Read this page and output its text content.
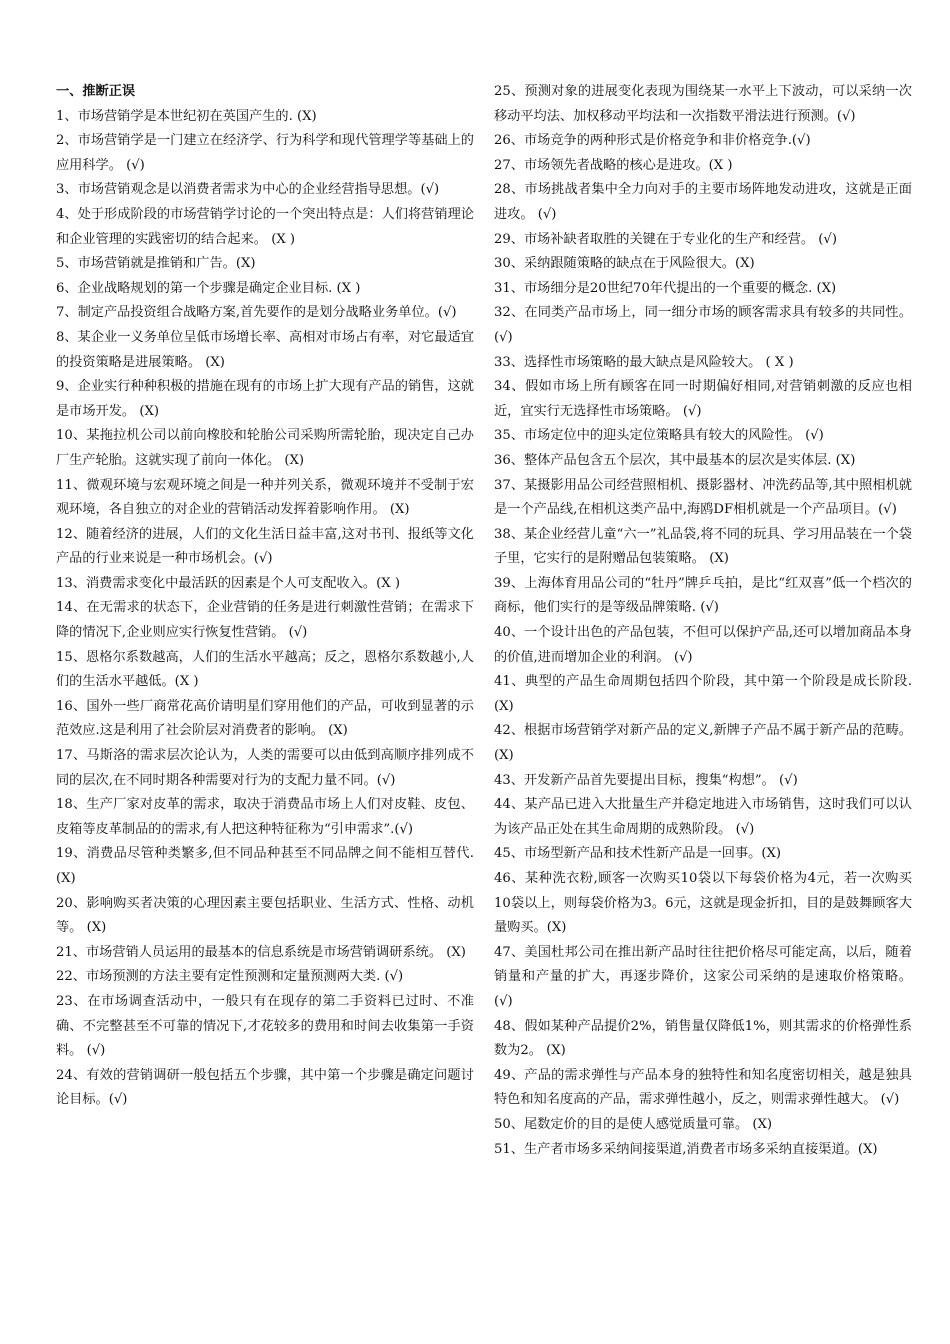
一、推断正误

1、市场营销学是本世纪初在英国产生的. (X)

2、市场营销学是一门建立在经济学、行为科学和现代管理学等基础上的应用科学。 (√)

3、市场营销观念是以消费者需求为中心的企业经营指导思想。(√)

4、处于形成阶段的市场营销学讨论的一个突出特点是：人们将营销理论和企业管理的实践密切的结合起来。 (X )

5、市场营销就是推销和广告。(X)

6、企业战略规划的第一个步骤是确定企业目标. (X )

7、制定产品投资组合战略方案,首先要作的是划分战略业务单位。(√)

8、某企业一义务单位呈低市场增长率、高相对市场占有率，对它最适宜的投资策略是进展策略。 (X)

9、企业实行种种积极的措施在现有的市场上扩大现有产品的销售，这就是市场开发。 (X)

10、某拖拉机公司以前向橡胶和轮胎公司采购所需轮胎，现决定自己办厂生产轮胎。这就实现了前向一体化。 (X)

11、微观环境与宏观环境之间是一种并列关系，微观环境并不受制于宏观环境，各自独立的对企业的营销活动发挥着影响作用。 (X)

12、随着经济的进展，人们的文化生活日益丰富,这对书刊、报纸等文化产品的行业来说是一种市场机会。(√)

13、消费需求变化中最活跃的因素是个人可支配收入。(X )

14、在无需求的状态下，企业营销的任务是进行刺激性营销；在需求下降的情况下,企业则应实行恢复性营销。 (√)

15、恩格尔系数越高，人们的生活水平越高；反之，恩格尔系数越小,人们的生活水平越低。(X )

16、国外一些厂商常花高价请明星们穿用他们的产品，可收到显著的示范效应.这是利用了社会阶层对消费者的影响。 (X)

17、马斯洛的需求层次论认为，人类的需要可以由低到高顺序排列成不同的层次,在不同时期各种需要对行为的支配力量不同。(√)

18、生产厂家对皮革的需求，取决于消费品市场上人们对皮鞋、皮包、皮箱等皮革制品的的需求,有人把这种特征称为“引申需求”.(√)

19、消费品尽管种类繁多,但不同品种甚至不同品牌之间不能相互替代. (X)

20、影响购买者决策的心理因素主要包括职业、生活方式、性格、动机等。 (X)

21、市场营销人员运用的最基本的信息系统是市场营销调研系统。 (X)

22、市场预测的方法主要有定性预测和定量预测两大类. (√)

23、在市场调查活动中，一般只有在现存的第二手资料已过时、不准确、不完整甚至不可靠的情况下,才花较多的费用和时间去收集第一手资料。 (√)

24、有效的营销调研一般包括五个步骤，其中第一个步骤是确定问题讨论目标。(√)

25、预测对象的进展变化表现为围绕某一水平上下波动，可以采纳一次移动平均法、加权移动平均法和一次指数平滑法进行预测。(√)

26、市场竞争的两种形式是价格竞争和非价格竞争.(√)

27、市场领先者战略的核心是进攻。(X )

28、市场挑战者集中全力向对手的主要市场阵地发动进攻，这就是正面进攻。 (√)

29、市场补缺者取胜的关键在于专业化的生产和经营。 (√)

30、采纳跟随策略的缺点在于风险很大。(X)

31、市场细分是20世纪70年代提出的一个重要的概念. (X)

32、在同类产品市场上，同一细分市场的顾客需求具有较多的共同性。 (√)

33、选择性市场策略的最大缺点是风险较大。 ( X )

34、假如市场上所有顾客在同一时期偏好相同,对营销刺激的反应也相近，宜实行无选择性市场策略。 (√)

35、市场定位中的迎头定位策略具有较大的风险性。 (√)

36、整体产品包含五个层次，其中最基本的层次是实体层. (X)

37、某摄影用品公司经营照相机、摄影器材、冲洗药品等,其中照相机就是一个产品线,在相机这类产品中,海鸥DF相机就是一个产品项目。(√)

38、某企业经营儿童“六一”礼品袋,将不同的玩具、学习用品装在一个袋子里，它实行的是附赠品包装策略。 (X)

39、上海体育用品公司的“牡丹”牌乒乓拍，是比“红双喜”低一个档次的商标，他们实行的是等级品牌策略. (√)

40、一个设计出色的产品包装，不但可以保护产品,还可以增加商品本身的价值,进而增加企业的利润。 (√)

41、典型的产品生命周期包括四个阶段，其中第一个阶段是成长阶段.(X)

42、根据市场营销学对新产品的定义,新牌子产品不属于新产品的范畴。 (X)

43、开发新产品首先要提出目标，搜集“构想”。 (√)

44、某产品已进入大批量生产并稳定地进入市场销售，这时我们可以认为该产品正处在其生命周期的成熟阶段。 (√)

45、市场型新产品和技术性新产品是一回事。(X)

46、某种洗衣粉,顾客一次购买10袋以下每袋价格为4元，若一次购买10袋以上，则每袋价格为3。6元，这就是现金折扣，目的是鼓舞顾客大量购买。(X)

47、美国杜邦公司在推出新产品时往往把价格尽可能定高，以后，随着销量和产量的扩大，再逐步降价，这家公司采纳的是速取价格策略。 (√)

48、假如某种产品提价2%，销售量仅降低1%，则其需求的价格弹性系数为2。 (X)

49、产品的需求弹性与产品本身的独特性和知名度密切相关，越是独具特色和知名度高的产品，需求弹性越小，反之，则需求弹性越大。 (√)

50、尾数定价的目的是使人感觉质量可靠。 (X)

51、生产者市场多采纳间接渠道,消费者市场多采纳直接渠道。(X)
